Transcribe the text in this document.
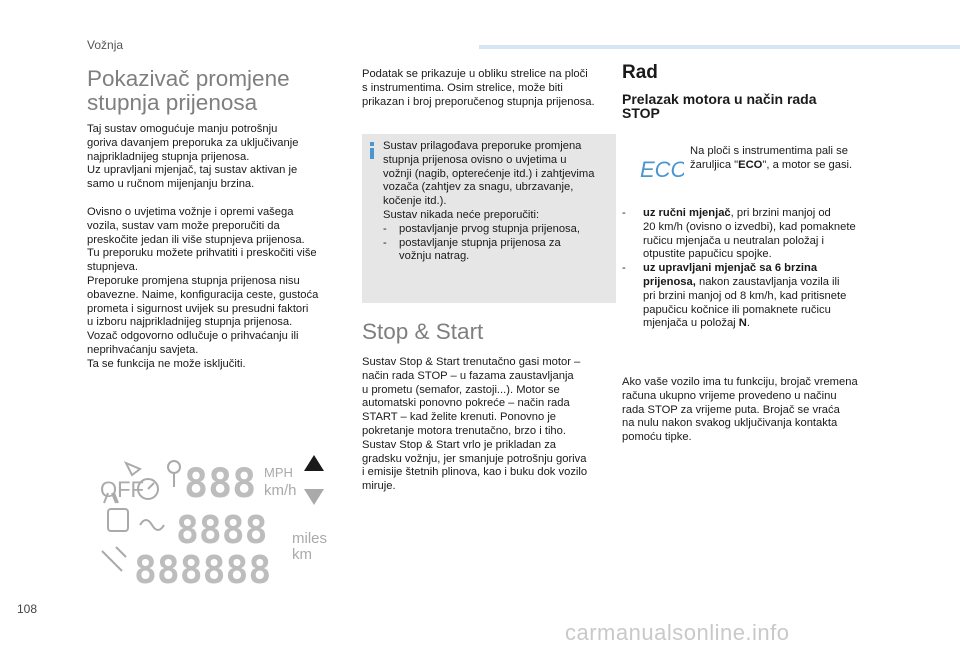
Vožnja
Pokazivač promjene
stupnja prijenosa

Taj sustav omogućuje manju potrošnju
goriva davanjem preporuka za uključivanje
najprikladnijeg stupnja prijenosa.
Uz upravljani mjenjač, taj sustav aktivan je
samo u ručnom mijenjanju brzina.

Ovisno o uvjetima vožnje i opremi vašega
vozila, sustav vam može preporučiti da
preskočite jedan ili više stupnjeva prijenosa.
Tu preporuku možete prihvatiti i preskočiti više
stupnjeva.
Preporuke promjena stupnja prijenosa nisu
obavezne. Naime, konfiguracija ceste, gustoća
prometa i sigurnost uvijek su presudni faktori
u izboru najprikladnijeg stupnja prijenosa.
Vozač odgovorno odlučuje o prihvaćanju ili
neprihvaćanju savjeta.
Ta se funkcija ne može isključiti.

Podatak se prikazuje u obliku strelice na ploči
s instrumentima. Osim strelice, može biti
prikazan i broj preporučenog stupnja prijenosa.

Sustav prilagođava preporuke promjena
stupnja prijenosa ovisno o uvjetima u
vožnji (nagib, opterećenje itd.) i zahtjevima
vozača (zahtjev za snagu, ubrzavanje,
kočenje itd.).
Sustav nikada neće preporučiti:

- postavljanje prvog stupnja prijenosa,
- postavljanje stupnja prijenosa za
vožnju natrag.
Stop & Start

Sustav Stop & Start trenutačno gasi motor –
način rada STOP – u fazama zaustavljanja
u prometu (semafor, zastoji...). Motor se
automatski ponovno pokreće – način rada
START – kad želite krenuti. Ponovno je
pokretanje motora trenutačno, brzo i tiho.
Sustav Stop & Start vrlo je prikladan za
gradsku vožnju, jer smanjuje potrošnju goriva
i emisije štetnih plinova, kao i buku dok vozilo
miruje.

Rad
Prelazak motora u način rada
STOP
ECO

Na ploči s instrumentima pali se
žaruljica "ECO", a motor se gasi.

- uz ručni mjenjač, pri brzini manjoj od
20 km/h (ovisno o izvedbi), kad pomaknete
ručicu mjenjača u neutralan položaj i
otpustite papučicu spojke.
- uz upravljani mjenjač sa 6 brzina
prijenosa, nakon zaustavljanja vozila ili
pri brzini manjoj od 8 km/h, kad pritisnete
papučicu kočnice ili pomaknete ručicu
mjenjača u položaj N.

Ako vaše vozilo ima tu funkciju, brojač vremena
računa ukupno vrijeme provedeno u načinu
rada STOP za vrijeme puta. Brojač se vraća
na nulu nakon svakog uključivanja kontakta
pomoću tipke.

OFF 888 MPH
km/h
8888 miles
km
888888
108
carmanualsonline.info
